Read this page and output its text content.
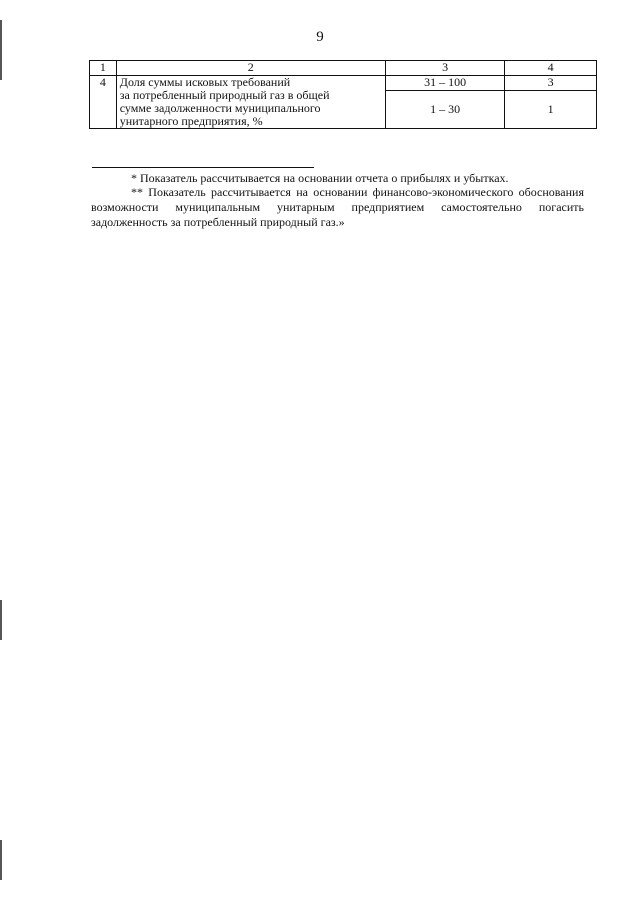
9
1	2	3	4
4	Доля суммы исковых требований
за потребленный природный газ в общей
сумме задолженности муниципального
унитарного предприятия, %	31 – 100	3
		1 – 30	1
* Показатель рассчитывается на основании отчета о прибылях и убытках.
** Показатель рассчитывается на основании финансово-экономического обоснования возможности муниципальным унитарным предприятием самостоятельно погасить задолженность за потребленный природный газ.»
